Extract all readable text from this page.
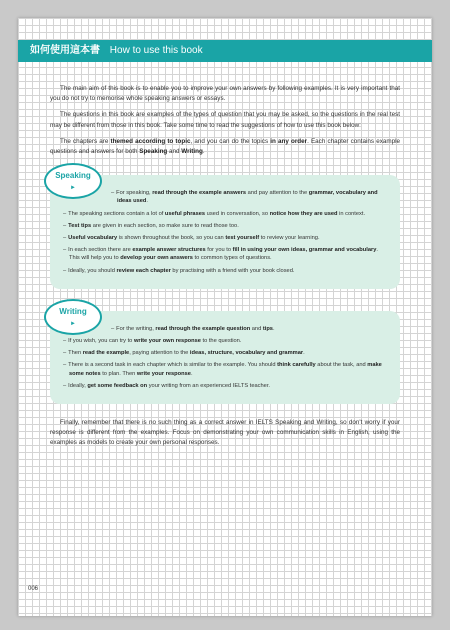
如何使用這本書 How to use this book

The main aim of this book is to enable you to improve your own answers by following examples. It is very important that you do not try to memorise whole speaking answers or essays.

The questions in this book are examples of the types of question that you may be asked, so the questions in the real test may be different from those in this book. Take some time to read the suggestions of how to use this book below:

The chapters are themed according to topic, and you can do the topics in any order. Each chapter contains example questions and answers for both Speaking and Writing.

Speaking
►
– For speaking, read through the example answers and pay attention to the grammar, vocabulary and ideas used.
– The speaking sections contain a lot of useful phrases used in conversation, so notice how they are used in context.
– Test tips are given in each section, so make sure to read those too.
– Useful vocabulary is shown throughout the book, so you can test yourself to review your learning.
– In each section there are example answer structures for you to fill in using your own ideas, grammar and vocabulary. This will help you to develop your own answers to common types of questions.
– Ideally, you should review each chapter by practising with a friend with your book closed.
Writing
►
– For the writing, read through the example question and tips.
– If you wish, you can try to write your own response to the question.
– Then read the example, paying attention to the ideas, structure, vocabulary and grammar.
– There is a second task in each chapter which is similar to the example. You should think carefully about the task, and make some notes to plan. Then write your response.
– Ideally, get some feedback on your writing from an experienced IELTS teacher.

Finally, remember that there is no such thing as a correct answer in IELTS Speaking and Writing, so don't worry if your response is different from the examples. Focus on demonstrating your own communication skills in English, using the examples as models to create your own personal responses.

006
